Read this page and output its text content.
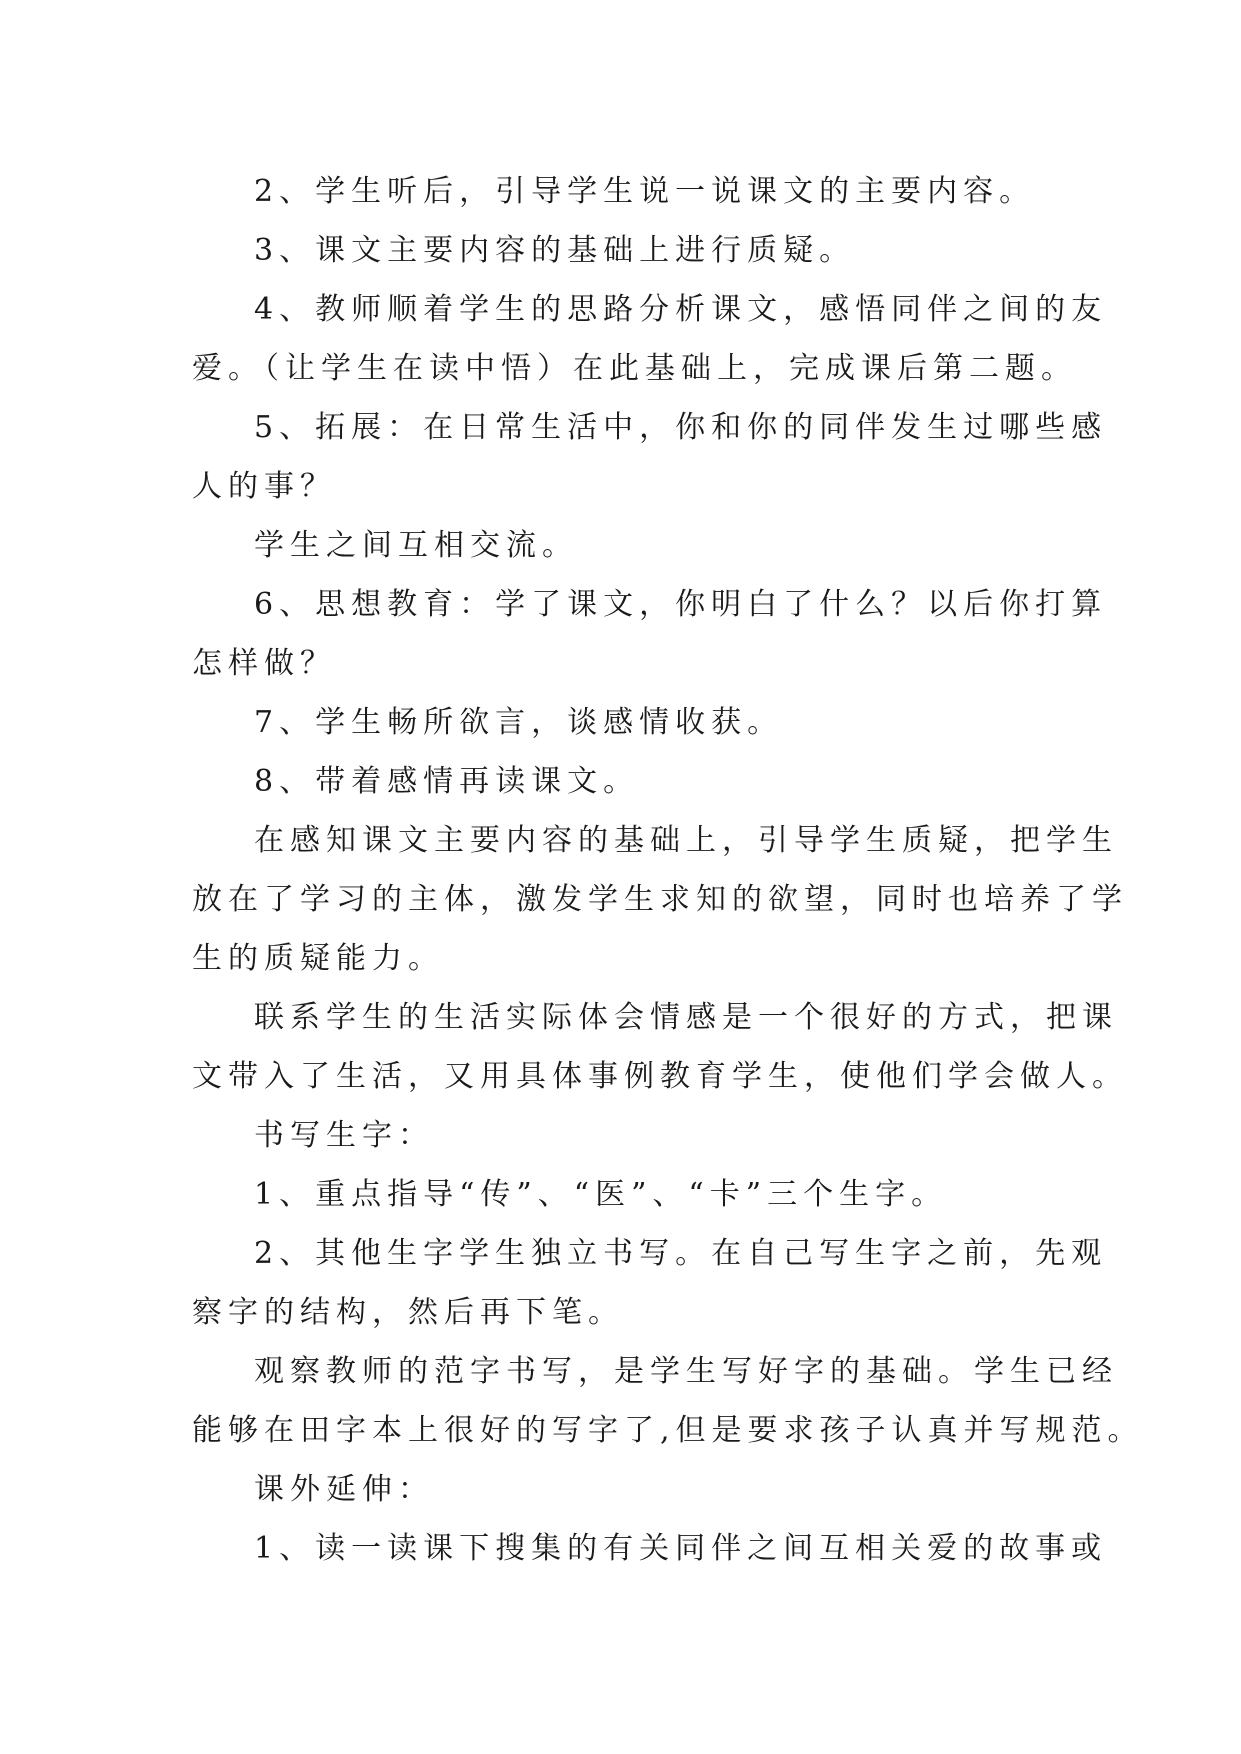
2、学生听后，引导学生说一说课文的主要内容。
3、课文主要内容的基础上进行质疑。
4、教师顺着学生的思路分析课文，感悟同伴之间的友
爱。（让学生在读中悟）在此基础上，完成课后第二题。
5、拓展：在日常生活中，你和你的同伴发生过哪些感
人的事？
学生之间互相交流。
6、思想教育：学了课文，你明白了什么？以后你打算
怎样做？
7、学生畅所欲言，谈感情收获。
8、带着感情再读课文。
在感知课文主要内容的基础上，引导学生质疑，把学生
放在了学习的主体，激发学生求知的欲望，同时也培养了学
生的质疑能力。
联系学生的生活实际体会情感是一个很好的方式，把课
文带入了生活，又用具体事例教育学生，使他们学会做人。
书写生字：
1、重点指导“传”、“医”、“卡”三个生字。
2、其他生字学生独立书写。在自己写生字之前，先观
察字的结构，然后再下笔。
观察教师的范字书写，是学生写好字的基础。学生已经
能够在田字本上很好的写字了,但是要求孩子认真并写规范。
课外延伸：
1、读一读课下搜集的有关同伴之间互相关爱的故事或
